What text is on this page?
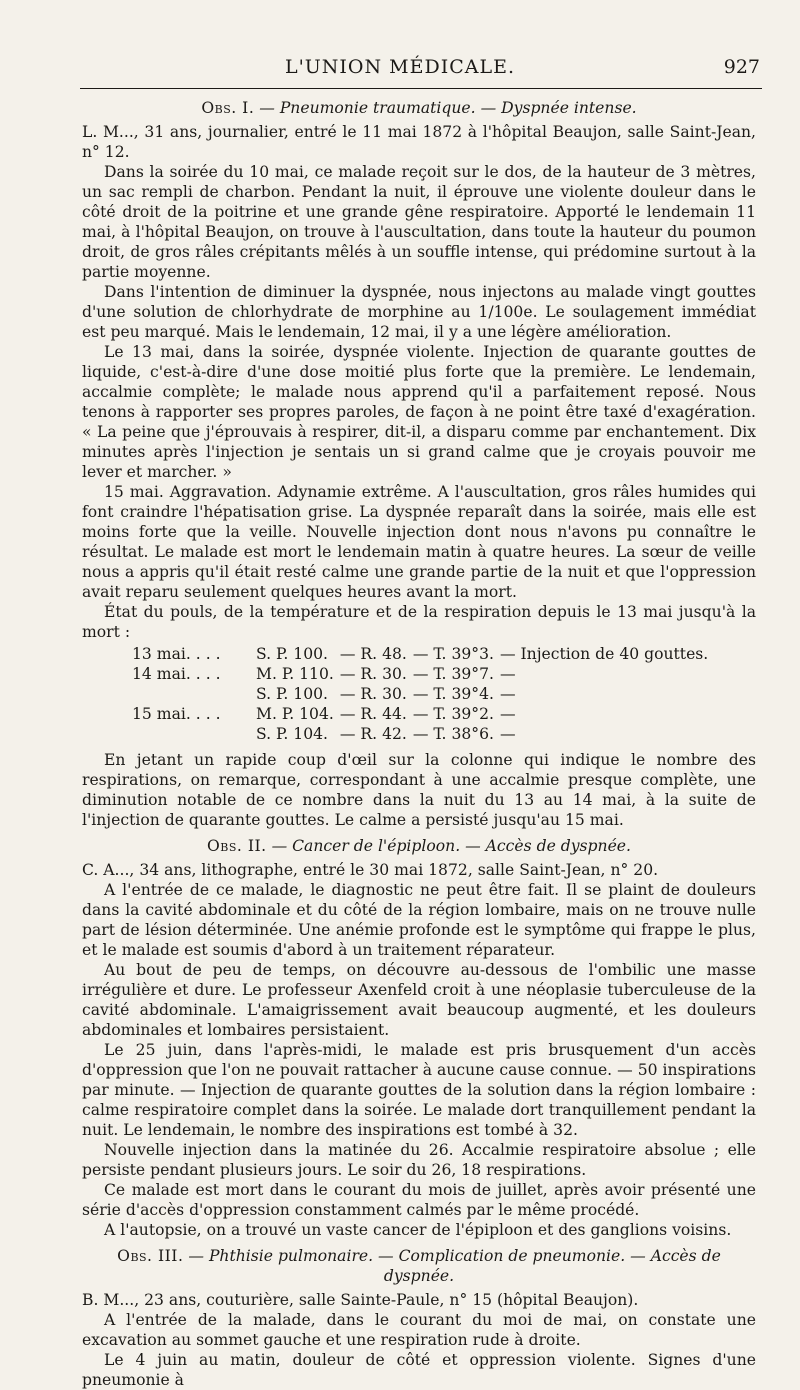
L'UNION MÉDICALE.	927

Obs. I. — Pneumonie traumatique. — Dyspnée intense.

L. M..., 31 ans, journalier, entré le 11 mai 1872 à l'hôpital Beaujon, salle Saint-Jean, n° 12.

Dans la soirée du 10 mai, ce malade reçoit sur le dos, de la hauteur de 3 mètres, un sac rempli de charbon. Pendant la nuit, il éprouve une violente douleur dans le côté droit de la poitrine et une grande gêne respiratoire. Apporté le lendemain 11 mai, à l'hôpital Beaujon, on trouve à l'auscultation, dans toute la hauteur du poumon droit, de gros râles crépitants mêlés à un souffle intense, qui prédomine surtout à la partie moyenne.

Dans l'intention de diminuer la dyspnée, nous injectons au malade vingt gouttes d'une solution de chlorhydrate de morphine au 1/100e. Le soulagement immédiat est peu marqué. Mais le lendemain, 12 mai, il y a une légère amélioration.

Le 13 mai, dans la soirée, dyspnée violente. Injection de quarante gouttes de liquide, c'est-à-dire d'une dose moitié plus forte que la première. Le lendemain, accalmie complète; le malade nous apprend qu'il a parfaitement reposé. Nous tenons à rapporter ses propres paroles, de façon à ne point être taxé d'exagération. « La peine que j'éprouvais à respirer, dit-il, a disparu comme par enchantement. Dix minutes après l'injection je sentais un si grand calme que je croyais pouvoir me lever et marcher. »

15 mai. Aggravation. Adynamie extrême. A l'auscultation, gros râles humides qui font craindre l'hépatisation grise. La dyspnée reparaît dans la soirée, mais elle est moins forte que la veille. Nouvelle injection dont nous n'avons pu connaître le résultat. Le malade est mort le lendemain matin à quatre heures. La sœur de veille nous a appris qu'il était resté calme une grande partie de la nuit et que l'oppression avait reparu seulement quelques heures avant la mort.

État du pouls, de la température et de la respiration depuis le 13 mai jusqu'à la mort :

13 mai. . . .	S. P. 100.	— R. 48.	— T. 39°3.	— Injection de 40 gouttes.
14 mai. . . .	M. P. 110.	— R. 30.	— T. 39°7.	—
	S. P. 100.	— R. 30.	— T. 39°4.	—
15 mai. . . .	M. P. 104.	— R. 44.	— T. 39°2.	—
	S. P. 104.	— R. 42.	— T. 38°6.	—

En jetant un rapide coup d'œil sur la colonne qui indique le nombre des respirations, on remarque, correspondant à une accalmie presque complète, une diminution notable de ce nombre dans la nuit du 13 au 14 mai, à la suite de l'injection de quarante gouttes. Le calme a persisté jusqu'au 15 mai.

Obs. II. — Cancer de l'épiploon. — Accès de dyspnée.

C. A..., 34 ans, lithographe, entré le 30 mai 1872, salle Saint-Jean, n° 20.

A l'entrée de ce malade, le diagnostic ne peut être fait. Il se plaint de douleurs dans la cavité abdominale et du côté de la région lombaire, mais on ne trouve nulle part de lésion déterminée. Une anémie profonde est le symptôme qui frappe le plus, et le malade est soumis d'abord à un traitement réparateur.

Au bout de peu de temps, on découvre au-dessous de l'ombilic une masse irrégulière et dure. Le professeur Axenfeld croit à une néoplasie tuberculeuse de la cavité abdominale. L'amaigrissement avait beaucoup augmenté, et les douleurs abdominales et lombaires persistaient.

Le 25 juin, dans l'après-midi, le malade est pris brusquement d'un accès d'oppression que l'on ne pouvait rattacher à aucune cause connue. — 50 inspirations par minute. — Injection de quarante gouttes de la solution dans la région lombaire : calme respiratoire complet dans la soirée. Le malade dort tranquillement pendant la nuit. Le lendemain, le nombre des inspirations est tombé à 32.

Nouvelle injection dans la matinée du 26. Accalmie respiratoire absolue ; elle persiste pendant plusieurs jours. Le soir du 26, 18 respirations.

Ce malade est mort dans le courant du mois de juillet, après avoir présenté une série d'accès d'oppression constamment calmés par le même procédé.

A l'autopsie, on a trouvé un vaste cancer de l'épiploon et des ganglions voisins.

Obs. III. — Phthisie pulmonaire. — Complication de pneumonie. — Accès de dyspnée.

B. M..., 23 ans, couturière, salle Sainte-Paule, n° 15 (hôpital Beaujon).

A l'entrée de la malade, dans le courant du moi de mai, on constate une excavation au sommet gauche et une respiration rude à droite.

Le 4 juin au matin, douleur de côté et oppression violente. Signes d'une pneumonie à
